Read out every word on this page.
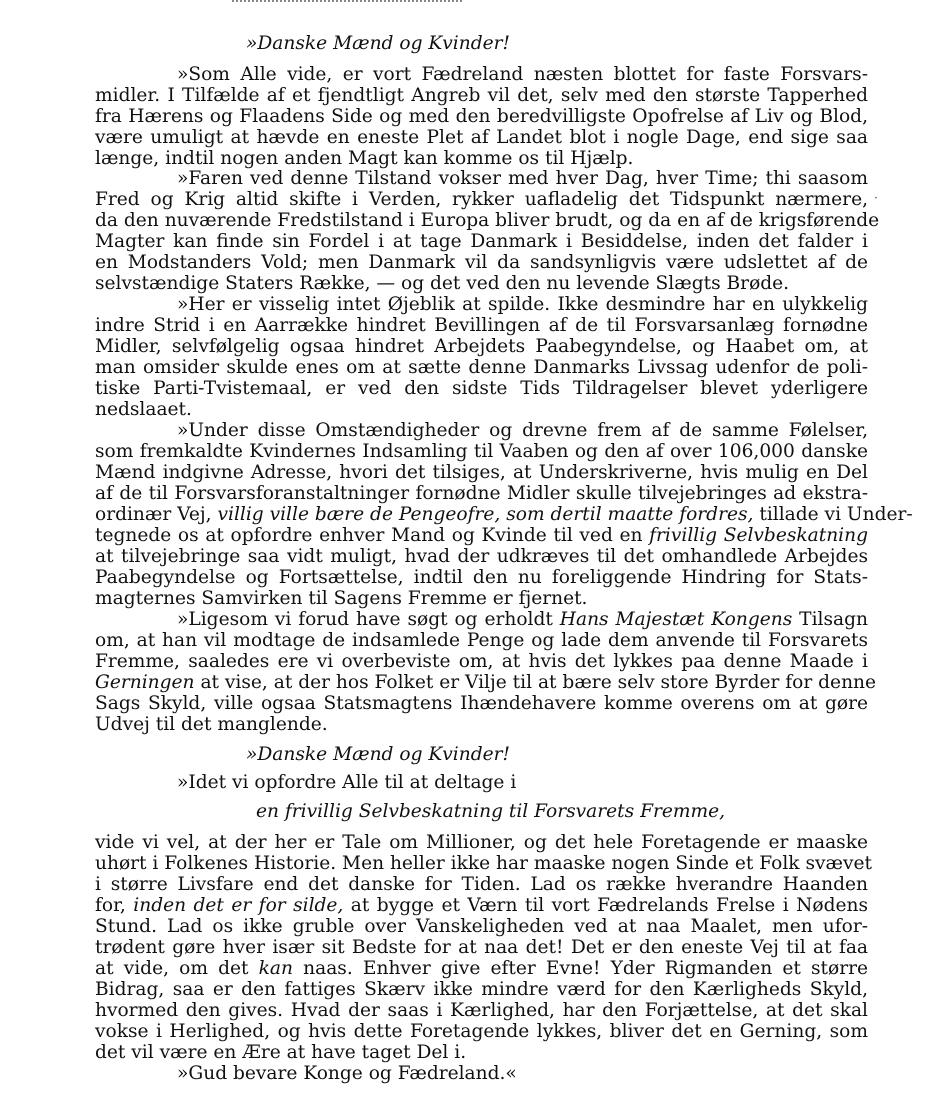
»Danske Mænd og Kvinder!

»Som Alle vide, er vort Fædreland næsten blottet for faste Forsvars-

midler. I Tilfælde af et fjendtligt Angreb vil det, selv med den største Tapperhed

fra Hærens og Flaadens Side og med den beredvilligste Opofrelse af Liv og Blod,

være umuligt at hævde en eneste Plet af Landet blot i nogle Dage, end sige saa

længe, indtil nogen anden Magt kan komme os til Hjælp.

»Faren ved denne Tilstand vokser med hver Dag, hver Time; thi saasom

Fred og Krig altid skifte i Verden, rykker uafladelig det Tidspunkt nærmere,

da den nuværende Fredstilstand i Europa bliver brudt, og da en af de krigsførende

Magter kan finde sin Fordel i at tage Danmark i Besiddelse, inden det falder i

en Modstanders Vold; men Danmark vil da sandsynligvis være udslettet af de

selvstændige Staters Række, — og det ved den nu levende Slægts Brøde.

»Her er visselig intet Øjeblik at spilde. Ikke desmindre har en ulykkelig

indre Strid i en Aarrække hindret Bevillingen af de til Forsvarsanlæg fornødne

Midler, selvfølgelig ogsaa hindret Arbejdets Paabegyndelse, og Haabet om, at

man omsider skulde enes om at sætte denne Danmarks Livssag udenfor de poli-

tiske Parti-Tvistemaal, er ved den sidste Tids Tildragelser blevet yderligere

nedslaaet.

»Under disse Omstændigheder og drevne frem af de samme Følelser,

som fremkaldte Kvindernes Indsamling til Vaaben og den af over 106,000 danske

Mænd indgivne Adresse, hvori det tilsiges, at Underskriverne, hvis mulig en Del

af de til Forsvarsforanstaltninger fornødne Midler skulle tilvejebringes ad ekstra-

ordinær Vej, villig ville bære de Pengeofre, som dertil maatte fordres, tillade vi Under-

tegnede os at opfordre enhver Mand og Kvinde til ved en frivillig Selvbeskatning

at tilvejebringe saa vidt muligt, hvad der udkræves til det omhandlede Arbejdes

Paabegyndelse og Fortsættelse, indtil den nu foreliggende Hindring for Stats-

magternes Samvirken til Sagens Fremme er fjernet.

»Ligesom vi forud have søgt og erholdt Hans Majestæt Kongens Tilsagn

om, at han vil modtage de indsamlede Penge og lade dem anvende til Forsvarets

Fremme, saaledes ere vi overbeviste om, at hvis det lykkes paa denne Maade i

Gerningen at vise, at der hos Folket er Vilje til at bære selv store Byrder for denne

Sags Skyld, ville ogsaa Statsmagtens Ihændehavere komme overens om at gøre

Udvej til det manglende.

»Danske Mænd og Kvinder!

»Idet vi opfordre Alle til at deltage i

en frivillig Selvbeskatning til Forsvarets Fremme,

vide vi vel, at der her er Tale om Millioner, og det hele Foretagende er maaske

uhørt i Folkenes Historie. Men heller ikke har maaske nogen Sinde et Folk svævet

i større Livsfare end det danske for Tiden. Lad os række hverandre Haanden

for, inden det er for silde, at bygge et Værn til vort Fædrelands Frelse i Nødens

Stund. Lad os ikke gruble over Vanskeligheden ved at naa Maalet, men ufor-

trødent gøre hver især sit Bedste for at naa det! Det er den eneste Vej til at faa

at vide, om det kan naas. Enhver give efter Evne! Yder Rigmanden et større

Bidrag, saa er den fattiges Skærv ikke mindre værd for den Kærligheds Skyld,

hvormed den gives. Hvad der saas i Kærlighed, har den Forjættelse, at det skal

vokse i Herlighed, og hvis dette Foretagende lykkes, bliver det en Gerning, som

det vil være en Ære at have taget Del i.

»Gud bevare Konge og Fædreland.«

·
